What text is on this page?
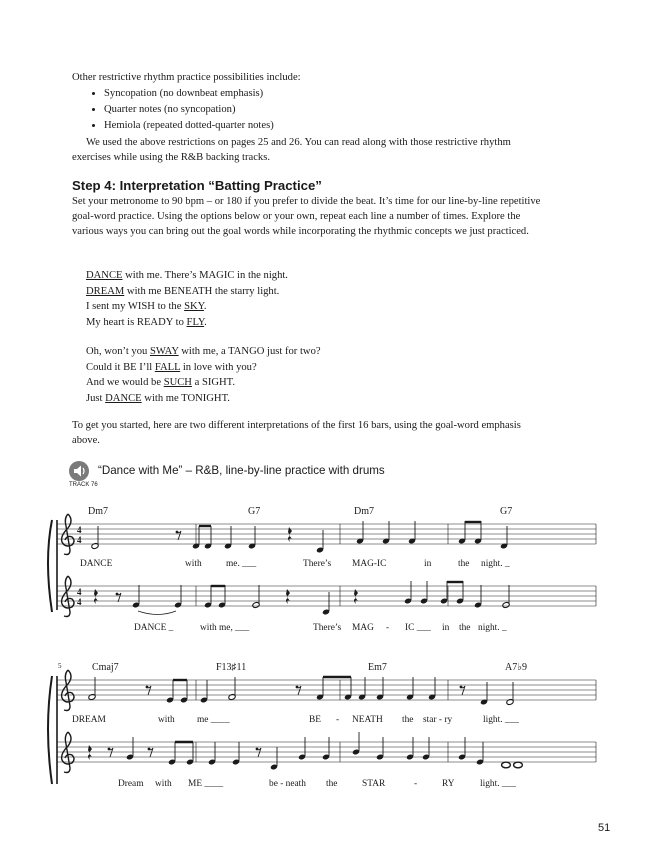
Other restrictive rhythm practice possibilities include:
• Syncopation (no downbeat emphasis)
• Quarter notes (no syncopation)
• Hemiola (repeated dotted-quarter notes)
We used the above restrictions on pages 25 and 26. You can read along with those restrictive rhythm exercises while using the R&B backing tracks.
Step 4: Interpretation “Batting Practice”
Set your metronome to 90 bpm – or 180 if you prefer to divide the beat. It’s time for our line-by-line repetitive goal-word practice. Using the options below or your own, repeat each line a number of times. Explore the various ways you can bring out the goal words while incorporating the rhythmic concepts we just practiced.
DANCE with me. There’s MAGIC in the night.
DREAM with me BENEATH the starry light.
I sent my WISH to the SKY.
My heart is READY to FLY.
Oh, won’t you SWAY with me, a TANGO just for two?
Could it BE I’ll FALL in love with you?
And we would be SUCH a SIGHT.
Just DANCE with me TONIGHT.
To get you started, here are two different interpretations of the first 16 bars, using the goal-word emphasis above.
TRACK 76
“Dance with Me” – R&B, line-by-line practice with drums
4
4
Dm7	G7	Dm7	G7
DANCE	with	me. ___	There’s MAG-IC	in	the night. _
4
4
DANCE _	with me, ___	There’s MAG - IC ___ in the night. _
5	Cmaj7	F13♯11	Em7	A7♭9
DREAM	with me ____	BE - NEATH the star - ry	light. ___
Dream with ME ____	be - neath the	STAR	-	RY	light. ___
51
